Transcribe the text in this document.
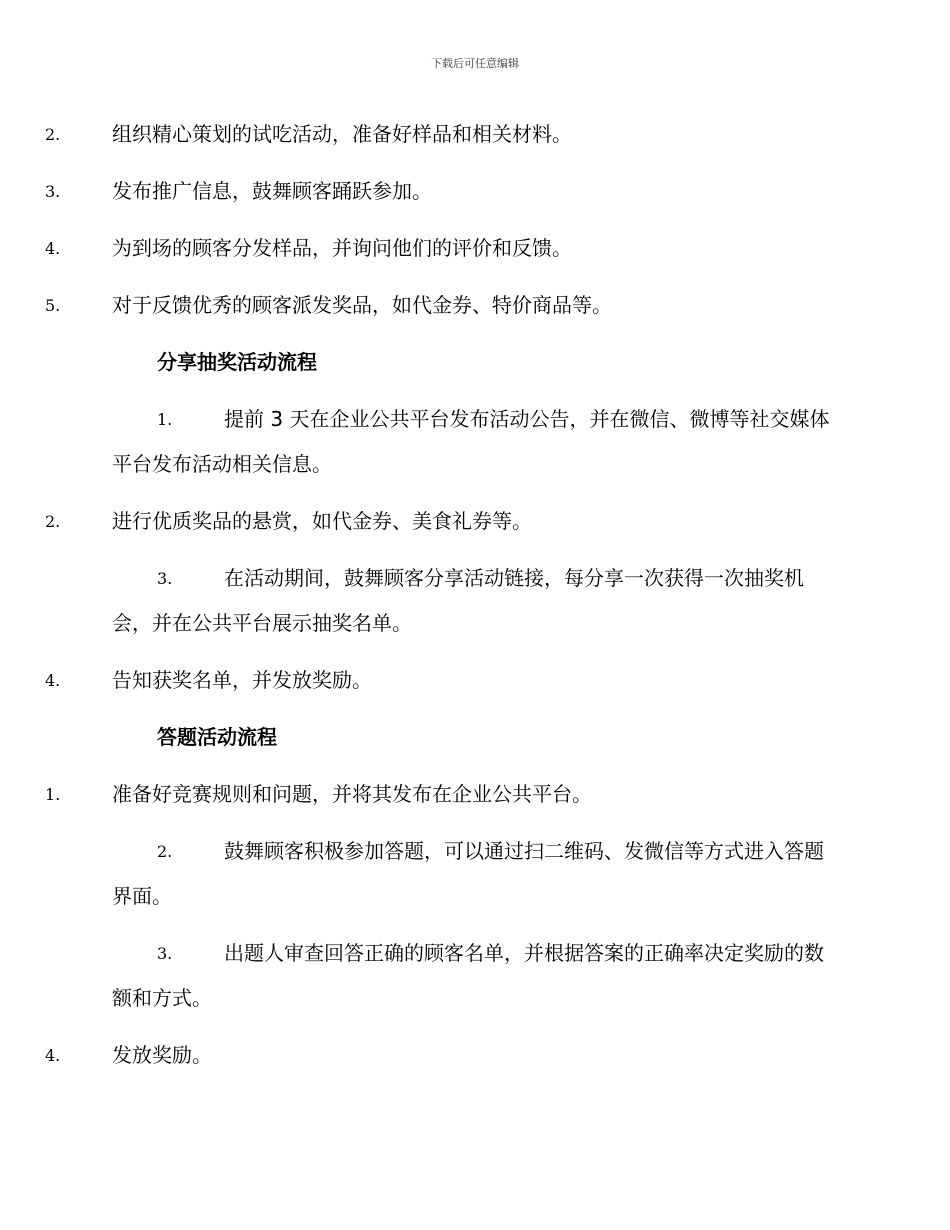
下载后可任意编辑
2.	组织精心策划的试吃活动，准备好样品和相关材料。
3.	发布推广信息，鼓舞顾客踊跃参加。
4.	为到场的顾客分发样品，并询问他们的评价和反馈。
5.	对于反馈优秀的顾客派发奖品，如代金券、特价商品等。
分享抽奖活动流程
1.	提前 3 天在企业公共平台发布活动公告，并在微信、微博等社交媒体平台发布活动相关信息。
2.	进行优质奖品的悬赏，如代金券、美食礼券等。
3.	在活动期间，鼓舞顾客分享活动链接，每分享一次获得一次抽奖机会，并在公共平台展示抽奖名单。
4.	告知获奖名单，并发放奖励。
答题活动流程
1.	准备好竞赛规则和问题，并将其发布在企业公共平台。
2.	鼓舞顾客积极参加答题，可以通过扫二维码、发微信等方式进入答题界面。
3.	出题人审查回答正确的顾客名单，并根据答案的正确率决定奖励的数额和方式。
4.	发放奖励。
